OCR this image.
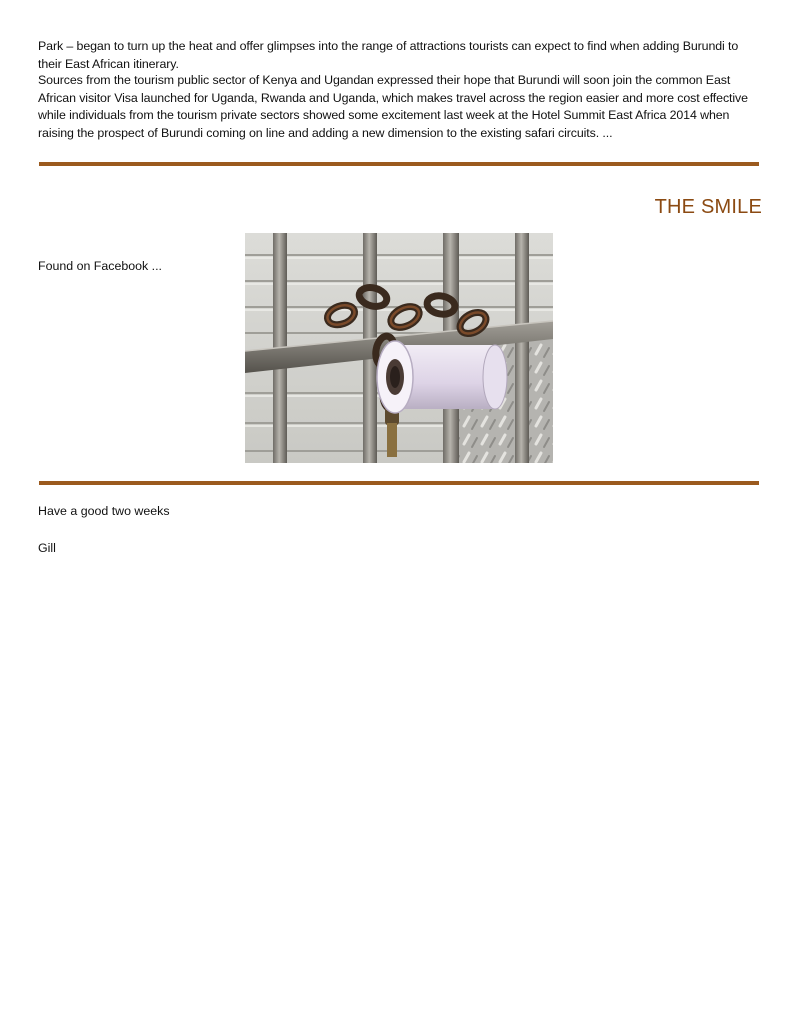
Park – began to turn up the heat and offer glimpses into the range of attractions tourists can expect to find when adding Burundi to their East African itinerary.

Sources from the tourism public sector of Kenya and Ugandan expressed their hope that Burundi will soon join the common East African visitor Visa launched for Uganda, Rwanda and Uganda, which makes travel across the region easier and more cost effective while individuals from the tourism private sectors showed some excitement last week at the Hotel Summit East Africa 2014 when raising the prospect of Burundi coming on line and adding a new dimension to the existing safari circuits. ...

THE SMILE

Found on Facebook ...

Have a good two weeks

Gill
